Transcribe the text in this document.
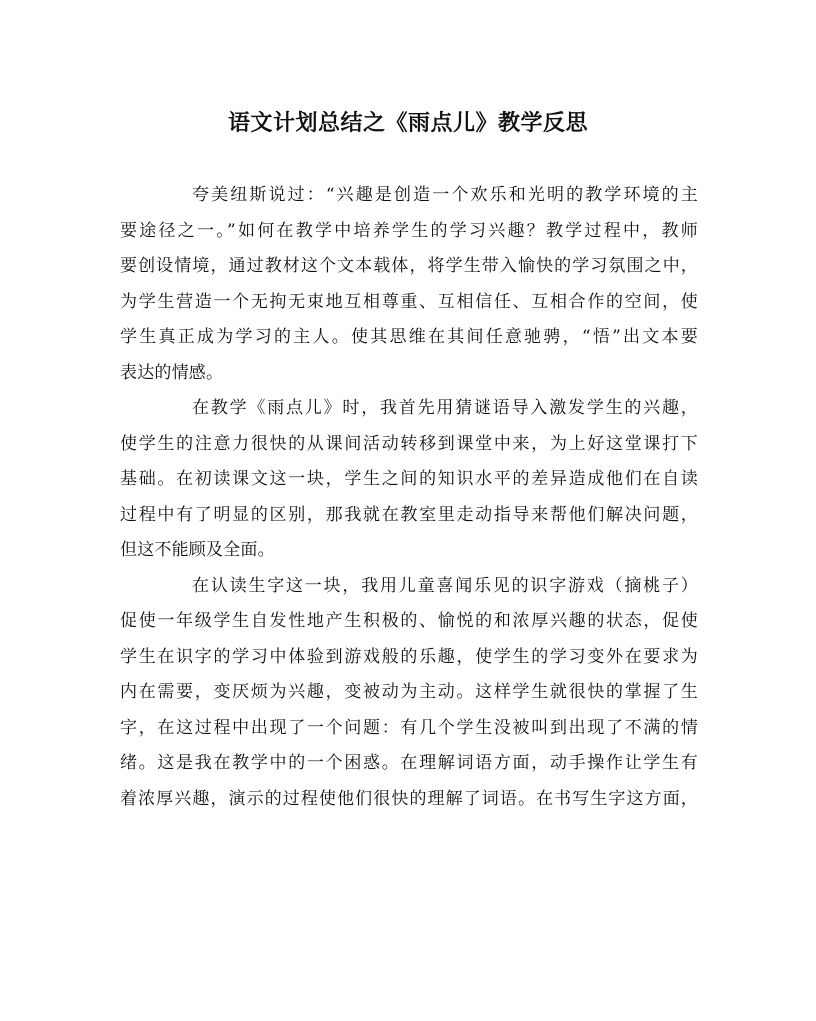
语文计划总结之《雨点儿》教学反思
夸美纽斯说过：“兴趣是创造一个欢乐和光明的教学环境的主
要途径之一。”如何在教学中培养学生的学习兴趣？教学过程中，教师
要创设情境，通过教材这个文本载体，将学生带入愉快的学习氛围之中，
为学生营造一个无拘无束地互相尊重、互相信任、互相合作的空间，使
学生真正成为学习的主人。使其思维在其间任意驰骋，“悟”出文本要
表达的情感。
在教学《雨点儿》时，我首先用猜谜语导入激发学生的兴趣，
使学生的注意力很快的从课间活动转移到课堂中来，为上好这堂课打下
基础。在初读课文这一块，学生之间的知识水平的差异造成他们在自读
过程中有了明显的区别，那我就在教室里走动指导来帮他们解决问题，
但这不能顾及全面。
在认读生字这一块，我用儿童喜闻乐见的识字游戏（摘桃子）
促使一年级学生自发性地产生积极的、愉悦的和浓厚兴趣的状态，促使
学生在识字的学习中体验到游戏般的乐趣，使学生的学习变外在要求为
内在需要，变厌烦为兴趣，变被动为主动。这样学生就很快的掌握了生
字，在这过程中出现了一个问题：有几个学生没被叫到出现了不满的情
绪。这是我在教学中的一个困惑。在理解词语方面，动手操作让学生有
着浓厚兴趣，演示的过程使他们很快的理解了词语。在书写生字这方面，
